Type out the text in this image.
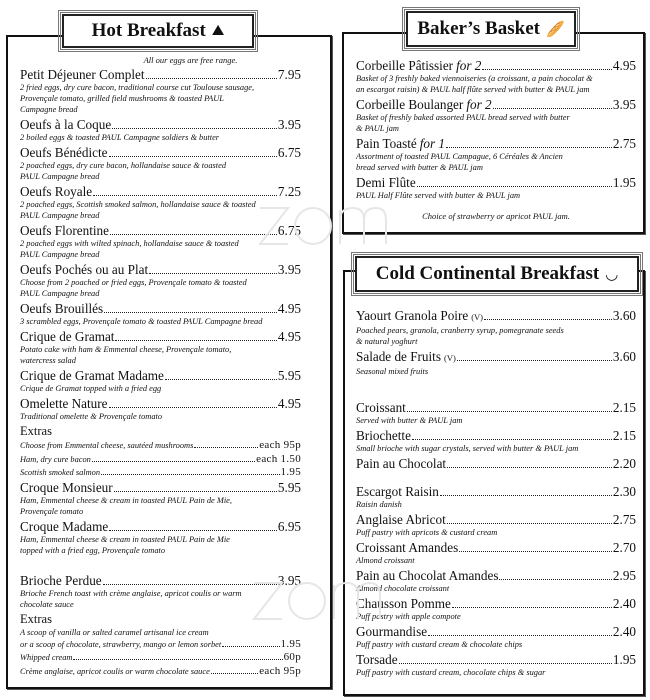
All our eggs are free range.
Petit Déjeuner Complet	7.95
2 fried eggs, dry cure bacon, traditional course cut Toulouse sausage,
Provençale tomato, grilled field mushrooms & toasted PAUL
Campagne bread
Oeufs à la Coque	3.95
2 boiled eggs & toasted PAUL Campagne soldiers & butter
Oeufs Bénédicte	6.75
2 poached eggs, dry cure bacon, hollandaise sauce & toasted
PAUL Campagne bread
Oeufs Royale	7.25
2 poached eggs, Scottish smoked salmon, hollandaise sauce & toasted
PAUL Campagne bread
Oeufs Florentine	6.75
2 poached eggs with wilted spinach, hollandaise sauce & toasted
PAUL Campagne bread
Oeufs Pochés ou au Plat	3.95
Choose from 2 poached or fried eggs, Provençale tomato & toasted
PAUL Campagne bread
Oeufs Brouillés	4.95
3 scrambled eggs, Provençale tomato & toasted PAUL Campagne bread
Crique de Gramat	4.95
Potato cake with ham & Emmental cheese, Provençale tomato,
watercress salad
Crique de Gramat Madame	5.95
Crique de Gramat topped with a fried egg
Omelette Nature	4.95
Traditional omelette & Provençale tomato
Extras
Choose from Emmental cheese, sautéed mushrooms	each 95p
Ham, dry cure bacon	each 1.50
Scottish smoked salmon	1.95
Croque Monsieur	5.95
Ham, Emmental cheese & cream in toasted PAUL Pain de Mie,
Provençale tomato
Croque Madame	6.95
Ham, Emmental cheese & cream in toasted PAUL Pain de Mie
topped with a fried egg, Provençale tomato
Brioche Perdue	3.95
Brioche French toast with crème anglaise, apricot coulis or warm
chocolate sauce
Extras
A scoop of vanilla or salted caramel artisanal ice cream
or a scoop of chocolate, strawberry, mango or lemon sorbet	1.95
Whipped cream	60p
Crème anglaise, apricot coulis or warm chocolate sauce	each 95p
Hot Breakfast ⛰
Corbeille Pâtissier for 2	4.95
Basket of 3 freshly baked viennoiseries (a croissant, a pain chocolat &
an escargot raisin) & PAUL half flûte served with butter & PAUL jam
Corbeille Boulanger for 2	3.95
Basket of freshly baked assorted PAUL bread served with butter
& PAUL jam
Pain Toasté for 1	2.75
Assortment of toasted PAUL Campague, 6 Céréales & Ancien
bread served with butter & PAUL jam
Demi Flûte	1.95
PAUL Half Flûte served with butter & PAUL jam
Choice of strawberry or apricot PAUL jam.
Baker’s Basket 🥖
Yaourt Granola Poire (V)	3.60
Poached pears, granola, cranberry syrup, pomegranate seeds
& natural yoghurt
Salade de Fruits (V)	3.60
Seasonal mixed fruits
Croissant	2.15
Served with butter & PAUL jam
Briochette	2.15
Small brioche with sugar crystals, served with butter & PAUL jam
Pain au Chocolat	2.20

Escargot Raisin	2.30
Raisin danish
Anglaise Abricot	2.75
Puff pastry with apricots & custard cream
Croissant Amandes	2.70
Almond croissant
Pain au Chocolat Amandes	2.95
Almond chocolate croissant
Chausson Pomme	2.40
Puff pastry with apple compote
Gourmandise	2.40
Puff pastry with custard cream & chocolate chips
Torsade	1.95
Puff pastry with custard cream, chocolate chips & sugar
Cold Continental Breakfast ◡
